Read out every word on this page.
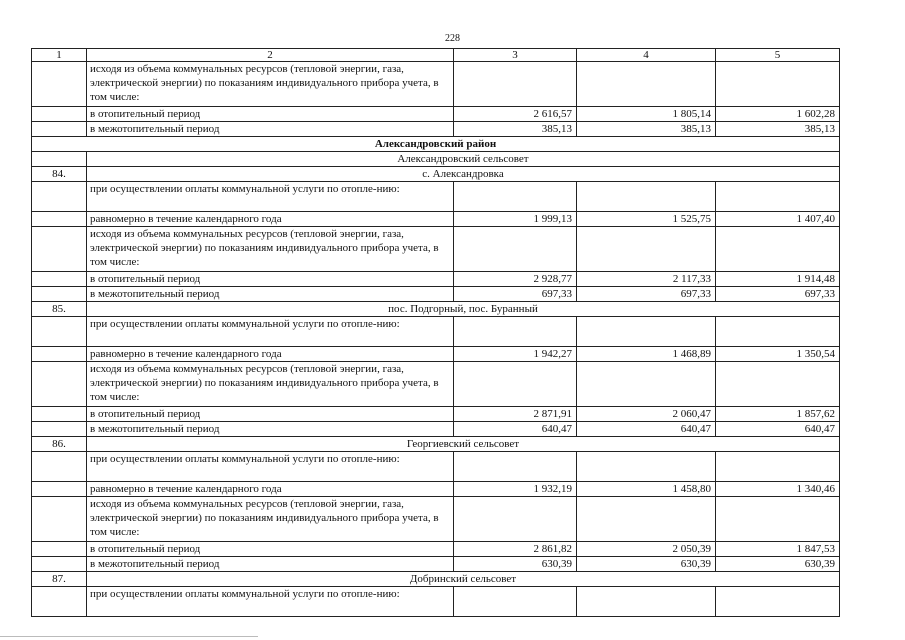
228
1	2	3	4	5
	исходя из объема коммунальных ресурсов (тепловой энергии, газа, электрической энергии) по показаниям индивидуального прибора учета, в том числе:			
	в отопительный период	2 616,57	1 805,14	1 602,28
	в межотопительный период	385,13	385,13	385,13
Александровский район				
	Александровский сельсовет			
84.	с. Александровка			
	при осуществлении оплаты коммунальной услуги по отопле-нию:			
	равномерно в течение календарного года	1 999,13	1 525,75	1 407,40
	исходя из объема коммунальных ресурсов (тепловой энергии, газа, электрической энергии) по показаниям индивидуального прибора учета, в том числе:			
	в отопительный период	2 928,77	2 117,33	1 914,48
	в межотопительный период	697,33	697,33	697,33
85.	пос. Подгорный, пос. Буранный			
	при осуществлении оплаты коммунальной услуги по отопле-нию:			
	равномерно в течение календарного года	1 942,27	1 468,89	1 350,54
	исходя из объема коммунальных ресурсов (тепловой энергии, газа, электрической энергии) по показаниям индивидуального прибора учета, в том числе:			
	в отопительный период	2 871,91	2 060,47	1 857,62
	в межотопительный период	640,47	640,47	640,47
86.	Георгиевский сельсовет			
	при осуществлении оплаты коммунальной услуги по отопле-нию:			
	равномерно в течение календарного года	1 932,19	1 458,80	1 340,46
	исходя из объема коммунальных ресурсов (тепловой энергии, газа, электрической энергии) по показаниям индивидуального прибора учета, в том числе:			
	в отопительный период	2 861,82	2 050,39	1 847,53
	в межотопительный период	630,39	630,39	630,39
87.	Добринский сельсовет			
	при осуществлении оплаты коммунальной услуги по отопле-нию:			
